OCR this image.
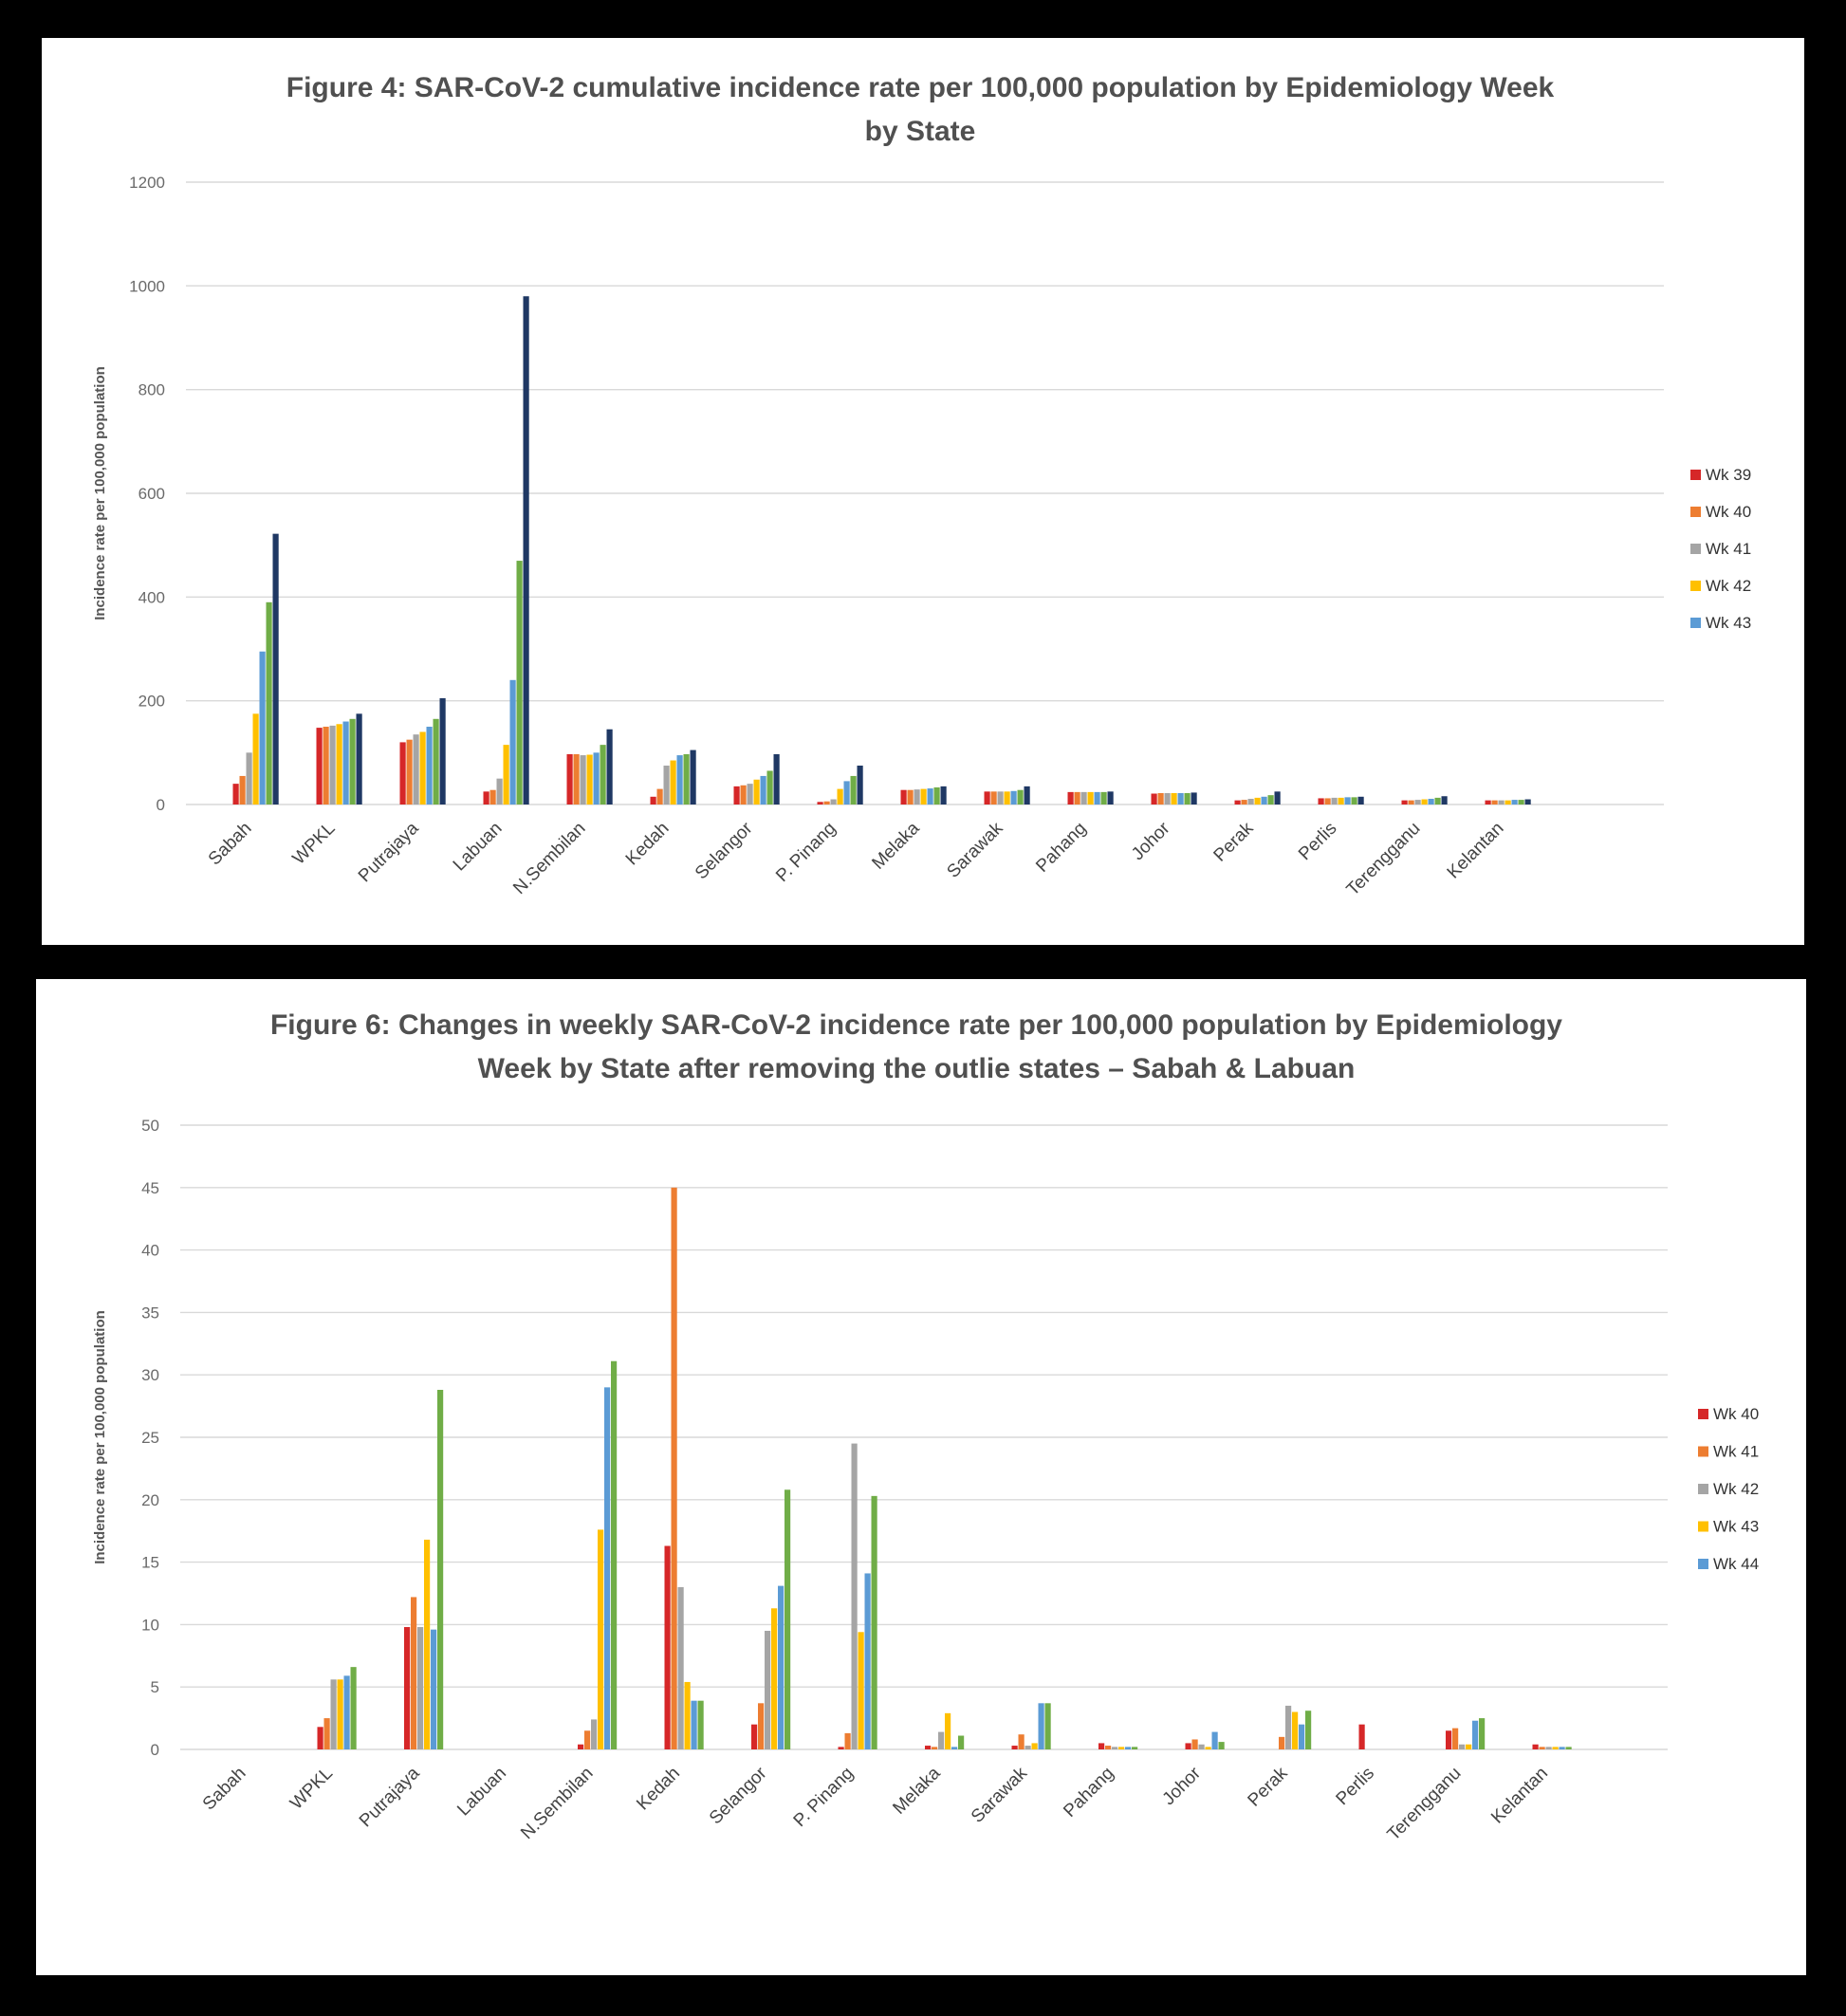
Figure 4: SAR-CoV-2 cumulative incidence rate per 100,000 population by Epidemiology Week
by State
0
200
400
600
800
1000
1200
Incidence rate per 100,000 population
Sabah WPKL Putrajaya Labuan N.Sembilan Kedah Selangor P. Pinang Melaka Sarawak Pahang Johor Perak Perlis Terengganu Kelantan
Wk 39
Wk 40
Wk 41
Wk 42
Wk 43
Figure 6: Changes in weekly SAR-CoV-2 incidence rate per 100,000 population by Epidemiology
Week by State after removing the outlie states – Sabah & Labuan
0
5
10
15
20
25
30
35
40
45
50
Incidence rate per 100,000 population
Sabah WPKL Putrajaya Labuan N.Sembilan Kedah Selangor P. Pinang Melaka Sarawak Pahang Johor Perak Perlis Terengganu Kelantan
Wk 40
Wk 41
Wk 42
Wk 43
Wk 44
